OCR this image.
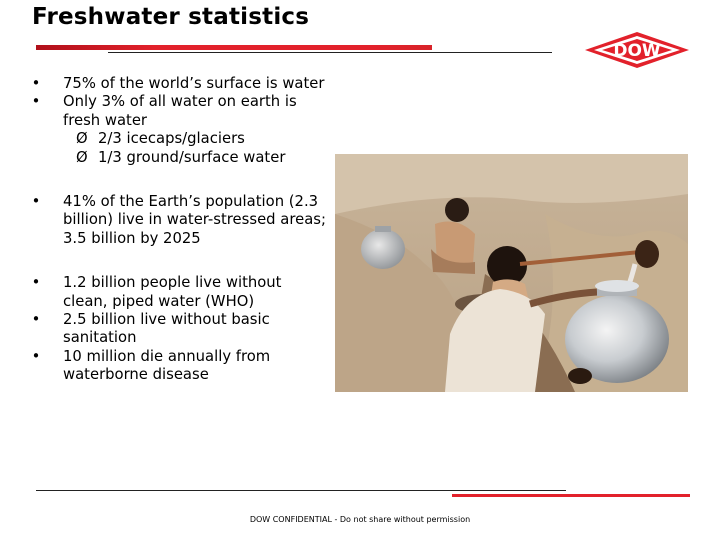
Freshwater statistics
DOW
• 75% of the world’s surface is water
• Only 3% of all water on earth is fresh water
Ø 2/3 icecaps/glaciers
Ø 1/3 ground/surface water
• 41% of the Earth’s population (2.3 billion) live in water-stressed areas; 3.5 billion by 2025
• 1.2 billion people live without clean, piped water (WHO)
• 2.5 billion live without basic sanitation
• 10 million die annually from waterborne disease
DOW CONFIDENTIAL - Do not share without permission
